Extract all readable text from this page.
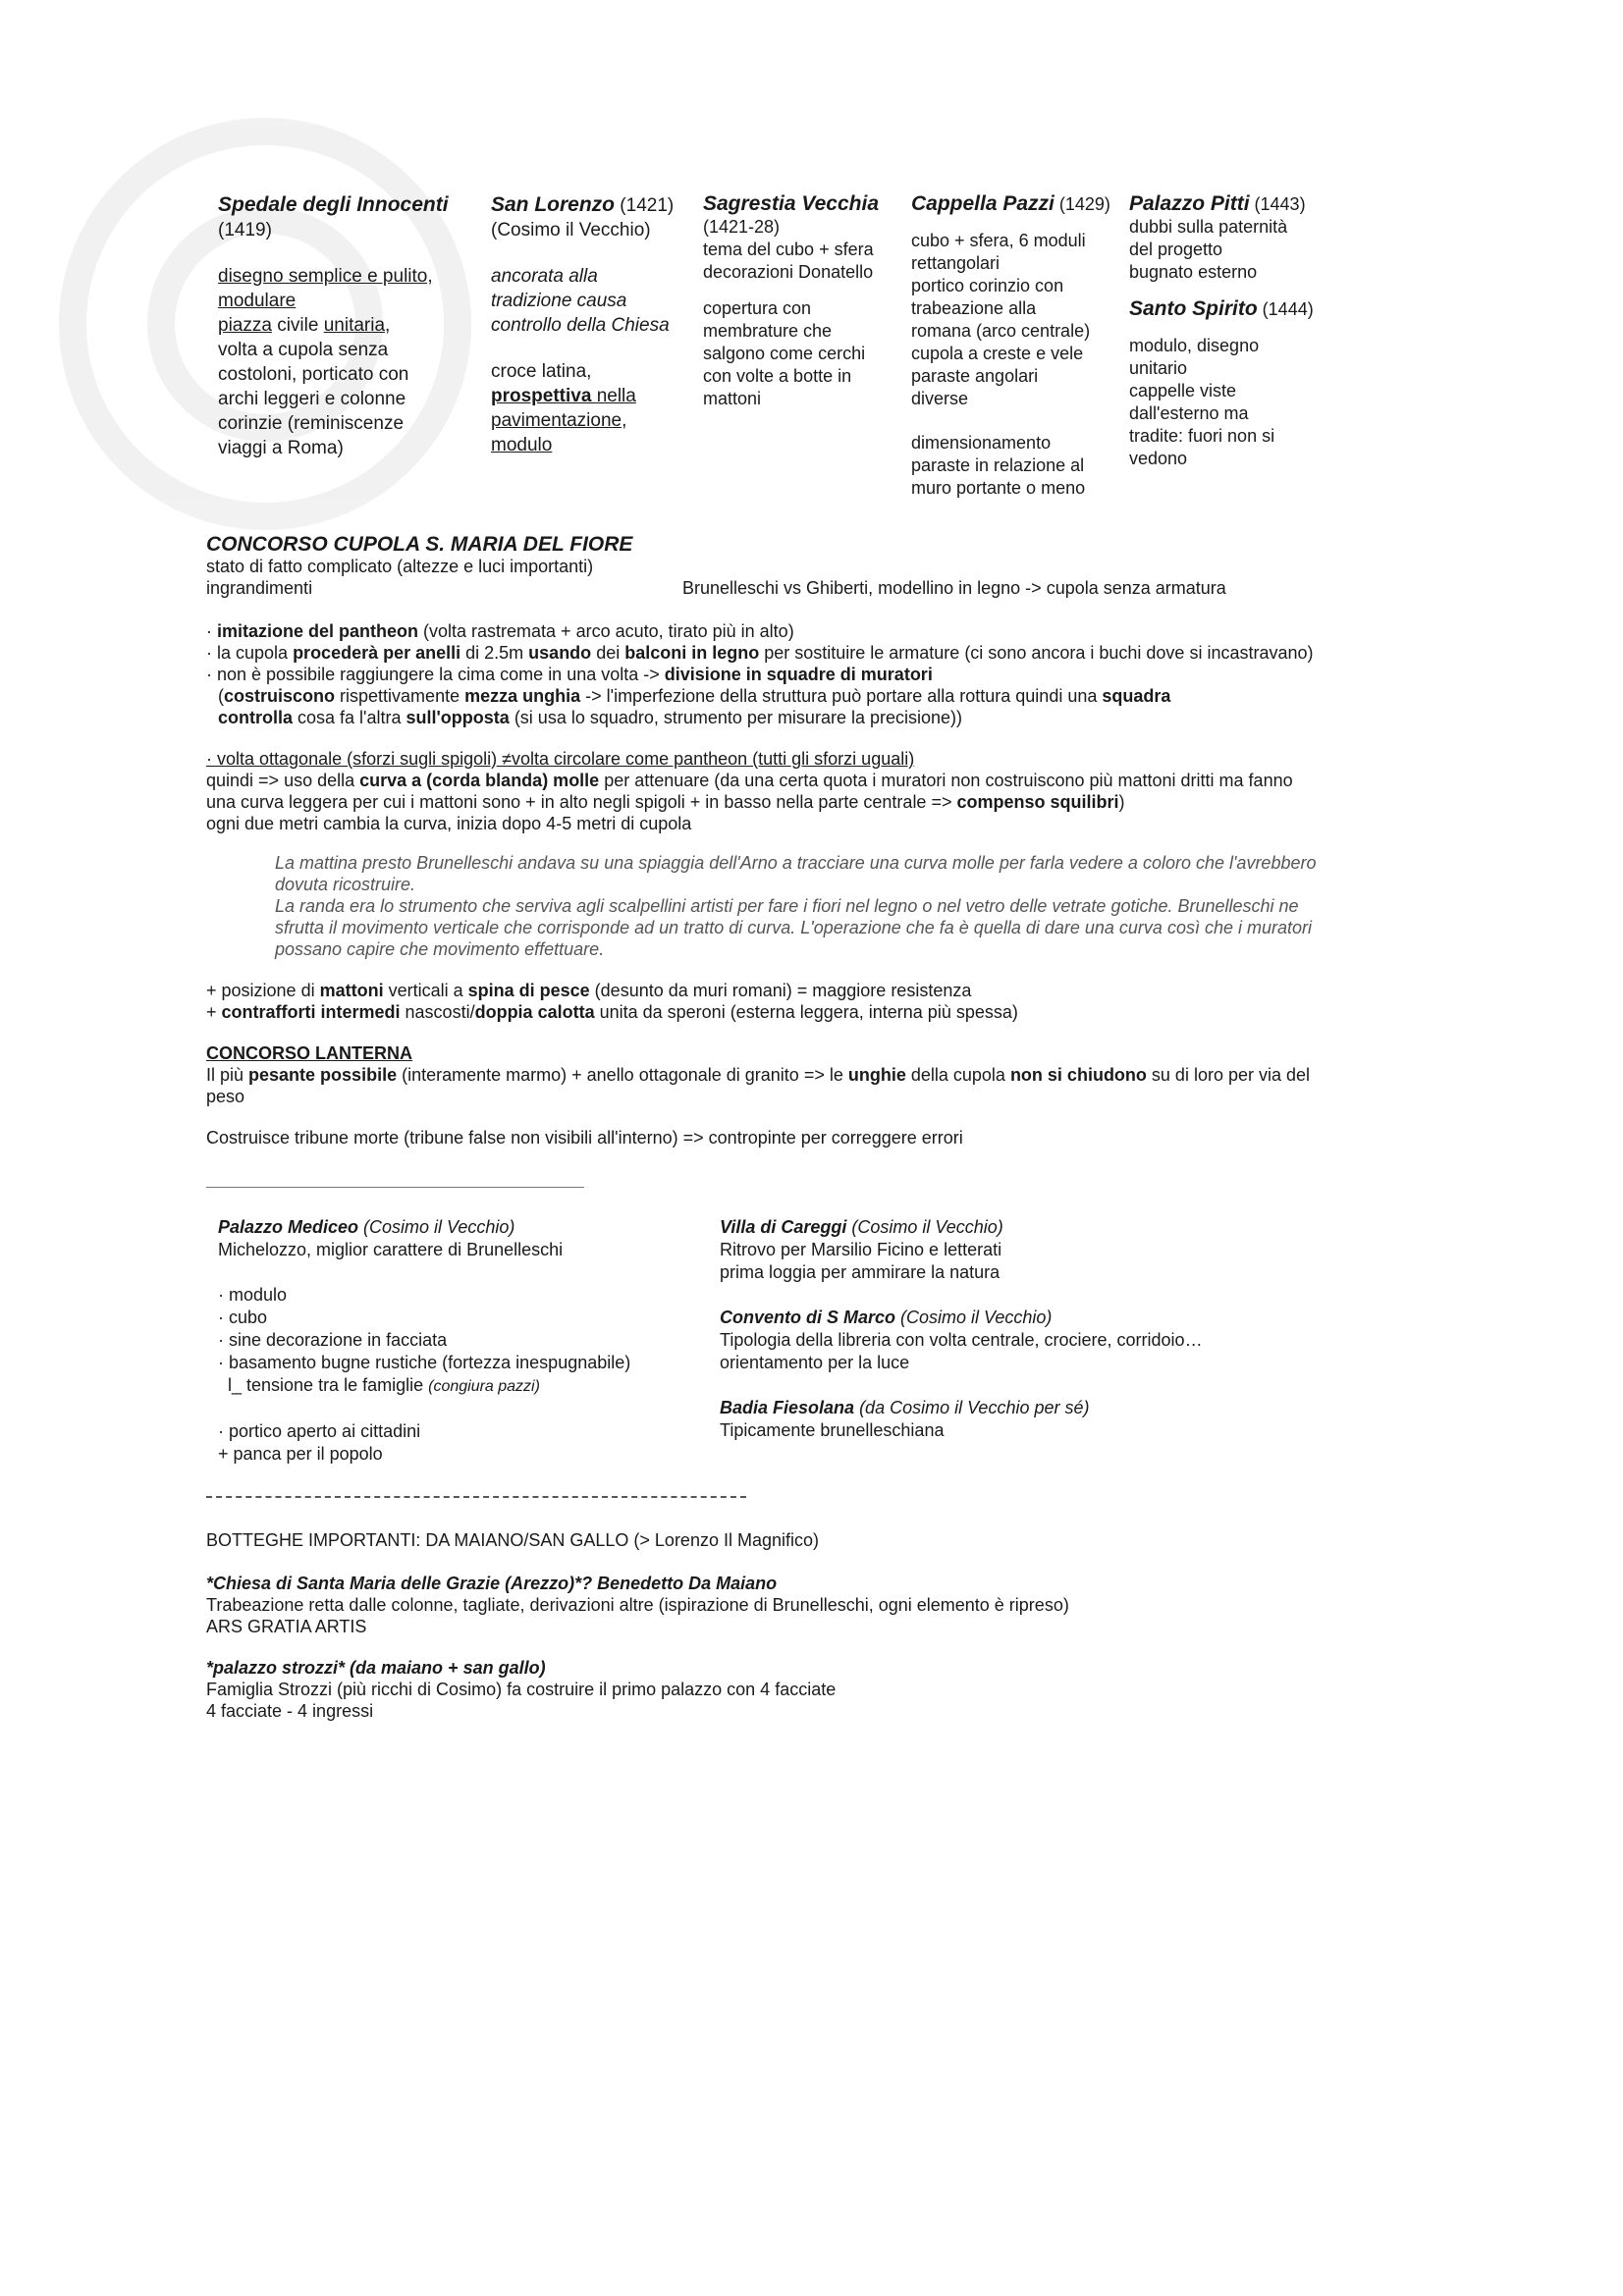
Spedale degli Innocenti
(1419)
disegno semplice e pulito,
modulare
piazza civile unitaria,
volta a cupola senza
costoloni, porticato con
archi leggeri e colonne
corinzie (reminiscenze
viaggi a Roma)
San Lorenzo (1421)
(Cosimo il Vecchio)
ancorata alla
tradizione causa
controllo della Chiesa
croce latina,
prospettiva nella
pavimentazione,
modulo
Sagrestia Vecchia
(1421-28)
tema del cubo + sfera
decorazioni Donatello
copertura con
membrature che
salgono come cerchi
con volte a botte in
mattoni
Cappella Pazzi (1429)
cubo + sfera, 6 moduli
rettangolari
portico corinzio con
trabeazione alla
romana (arco centrale)
cupola a creste e vele
paraste angolari
diverse
dimensionamento
paraste in relazione al
muro portante o meno
Palazzo Pitti (1443)
dubbi sulla paternità
del progetto
bugnato esterno
Santo Spirito (1444)
modulo, disegno
unitario
cappelle viste
dall'esterno ma
tradite: fuori non si
vedono

CONCORSO CUPOLA S. MARIA DEL FIORE

stato di fatto complicato (altezze e luci importanti)

ingrandimenti	Brunelleschi vs Ghiberti, modellino in legno -> cupola senza armatura

· imitazione del pantheon (volta rastremata + arco acuto, tirato più in alto)

· la cupola procederà per anelli di 2.5m usando dei balconi in legno per sostituire le armature (ci sono ancora i buchi dove si incastravano)

· non è possibile raggiungere la cima come in una volta -> divisione in squadre di muratori

(costruiscono rispettivamente mezza unghia -> l'imperfezione della struttura può portare alla rottura quindi una squadra

controlla cosa fa l'altra sull'opposta (si usa lo squadro, strumento per misurare la precisione))

· volta ottagonale (sforzi sugli spigoli) ≠volta circolare come pantheon (tutti gli sforzi uguali)

quindi => uso della curva a (corda blanda) molle per attenuare (da una certa quota i muratori non costruiscono più mattoni dritti ma fanno

una curva leggera per cui i mattoni sono + in alto negli spigoli + in basso nella parte centrale => compenso squilibri)

ogni due metri cambia la curva, inizia dopo 4-5 metri di cupola

La mattina presto Brunelleschi andava su una spiaggia dell'Arno a tracciare una curva molle per farla vedere a coloro che l'avrebbero

dovuta ricostruire.

La randa era lo strumento che serviva agli scalpellini artisti per fare i fiori nel legno o nel vetro delle vetrate gotiche. Brunelleschi ne

sfrutta il movimento verticale che corrisponde ad un tratto di curva. L'operazione che fa è quella di dare una curva così che i muratori

possano capire che movimento effettuare.

+ posizione di mattoni verticali a spina di pesce (desunto da muri romani) = maggiore resistenza

+ contrafforti intermedi nascosti/doppia calotta unita da speroni (esterna leggera, interna più spessa)

CONCORSO LANTERNA

Il più pesante possibile (interamente marmo) + anello ottagonale di granito => le unghie della cupola non si chiudono su di loro per via del

peso

Costruisce tribune morte (tribune false non visibili all'interno) => contropinte per correggere errori

Palazzo Mediceo (Cosimo il Vecchio)
Michelozzo, miglior carattere di Brunelleschi
· modulo
· cubo
· sine decorazione in facciata
· basamento bugne rustiche (fortezza inespugnabile)
l_ tensione tra le famiglie (congiura pazzi)
· portico aperto ai cittadini
+ panca per il popolo
Villa di Careggi (Cosimo il Vecchio)
Ritrovo per Marsilio Ficino e letterati
prima loggia per ammirare la natura
Convento di S Marco (Cosimo il Vecchio)
Tipologia della libreria con volta centrale, crociere, corridoio…
orientamento per la luce
Badia Fiesolana (da Cosimo il Vecchio per sé)
Tipicamente brunelleschiana

BOTTEGHE IMPORTANTI: DA MAIANO/SAN GALLO (> Lorenzo Il Magnifico)

*Chiesa di Santa Maria delle Grazie (Arezzo)*? Benedetto Da Maiano

Trabeazione retta dalle colonne, tagliate, derivazioni altre (ispirazione di Brunelleschi, ogni elemento è ripreso)

ARS GRATIA ARTIS

*palazzo strozzi* (da maiano + san gallo)

Famiglia Strozzi (più ricchi di Cosimo) fa costruire il primo palazzo con 4 facciate

4 facciate - 4 ingressi
